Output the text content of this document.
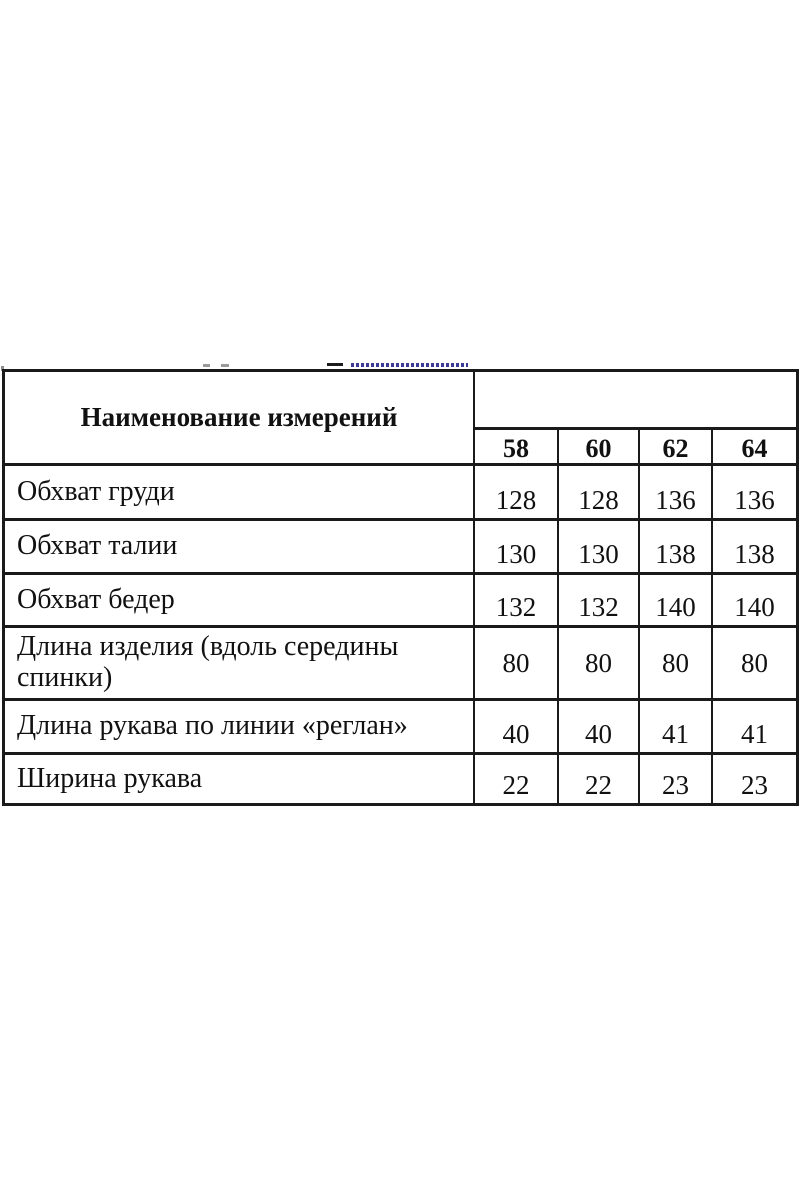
Наименование измерений
58	60	62	64
Обхват груди	128	128	136	136
Обхват талии	130	130	138	138
Обхват бедер	132	132	140	140
Длина изделия (вдоль середины спинки)	80	80	80	80
Длина рукава по линии «реглан»	40	40	41	41
Ширина рукава	22	22	23	23
